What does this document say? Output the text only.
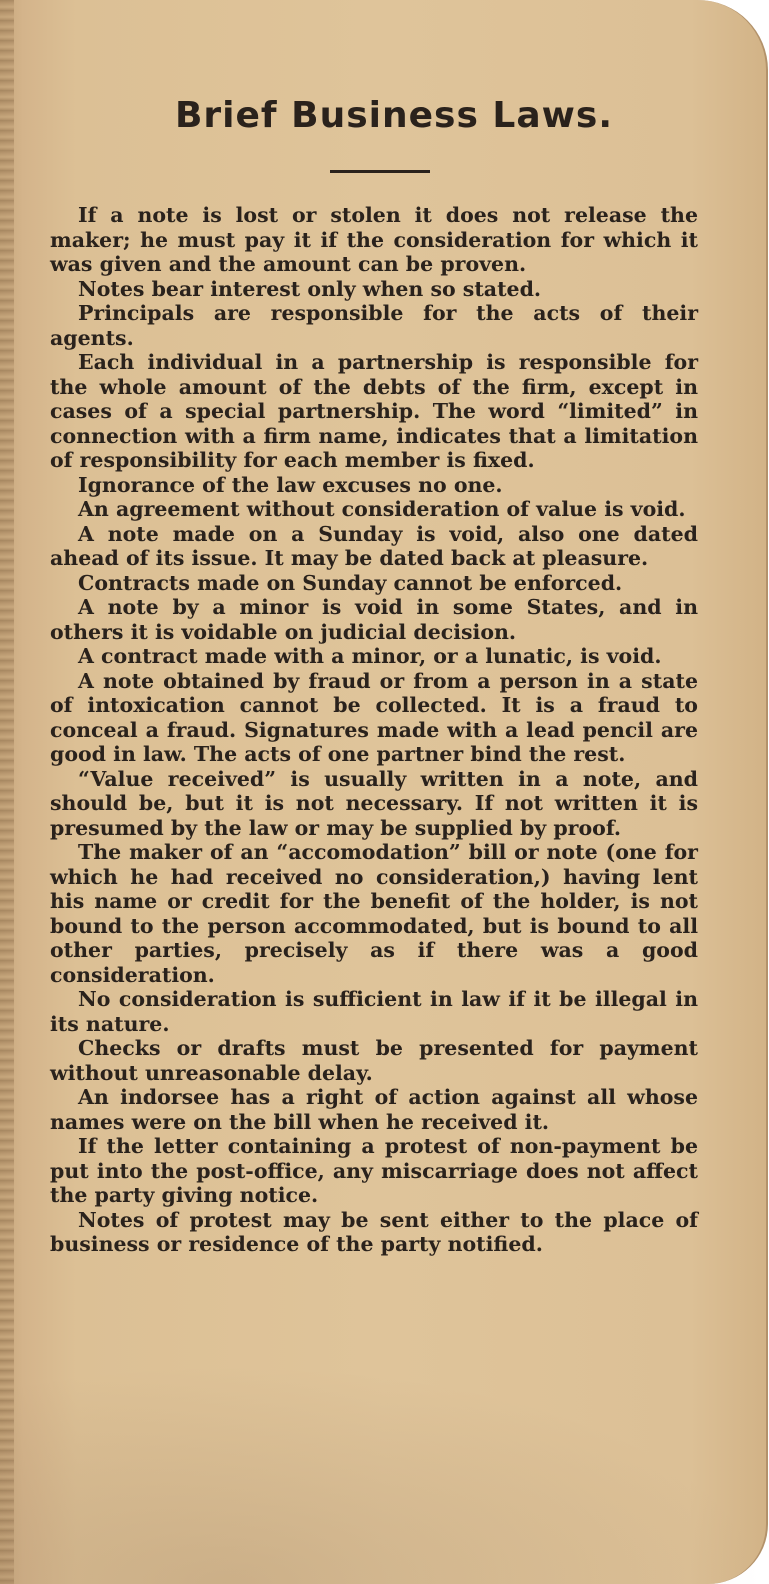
Brief Business Laws.

If a note is lost or stolen it does not release the maker; he must pay it if the consideration for which it was given and the amount can be proven.

Notes bear interest only when so stated.

Principals are responsible for the acts of their agents.

Each individual in a partnership is responsible for the whole amount of the debts of the firm, except in cases of a special partnership. The word “limited” in connection with a firm name, indicates that a limitation of responsibility for each member is fixed.

Ignorance of the law excuses no one.

An agreement without consideration of value is void.

A note made on a Sunday is void, also one dated ahead of its issue. It may be dated back at pleasure.

Contracts made on Sunday cannot be enforced.

A note by a minor is void in some States, and in others it is voidable on judicial decision.

A contract made with a minor, or a lunatic, is void.

A note obtained by fraud or from a person in a state of intoxication cannot be collected. It is a fraud to conceal a fraud. Signatures made with a lead pencil are good in law. The acts of one partner bind the rest.

“Value received” is usually written in a note, and should be, but it is not necessary. If not written it is presumed by the law or may be supplied by proof.

The maker of an “accomodation” bill or note (one for which he had received no consideration,) having lent his name or credit for the benefit of the holder, is not bound to the person accommodated, but is bound to all other parties, precisely as if there was a good consideration.

No consideration is sufficient in law if it be illegal in its nature.

Checks or drafts must be presented for payment without unreasonable delay.

An indorsee has a right of action against all whose names were on the bill when he received it.

If the letter containing a protest of non-payment be put into the post-office, any miscarriage does not affect the party giving notice.

Notes of protest may be sent either to the place of business or residence of the party notified.
